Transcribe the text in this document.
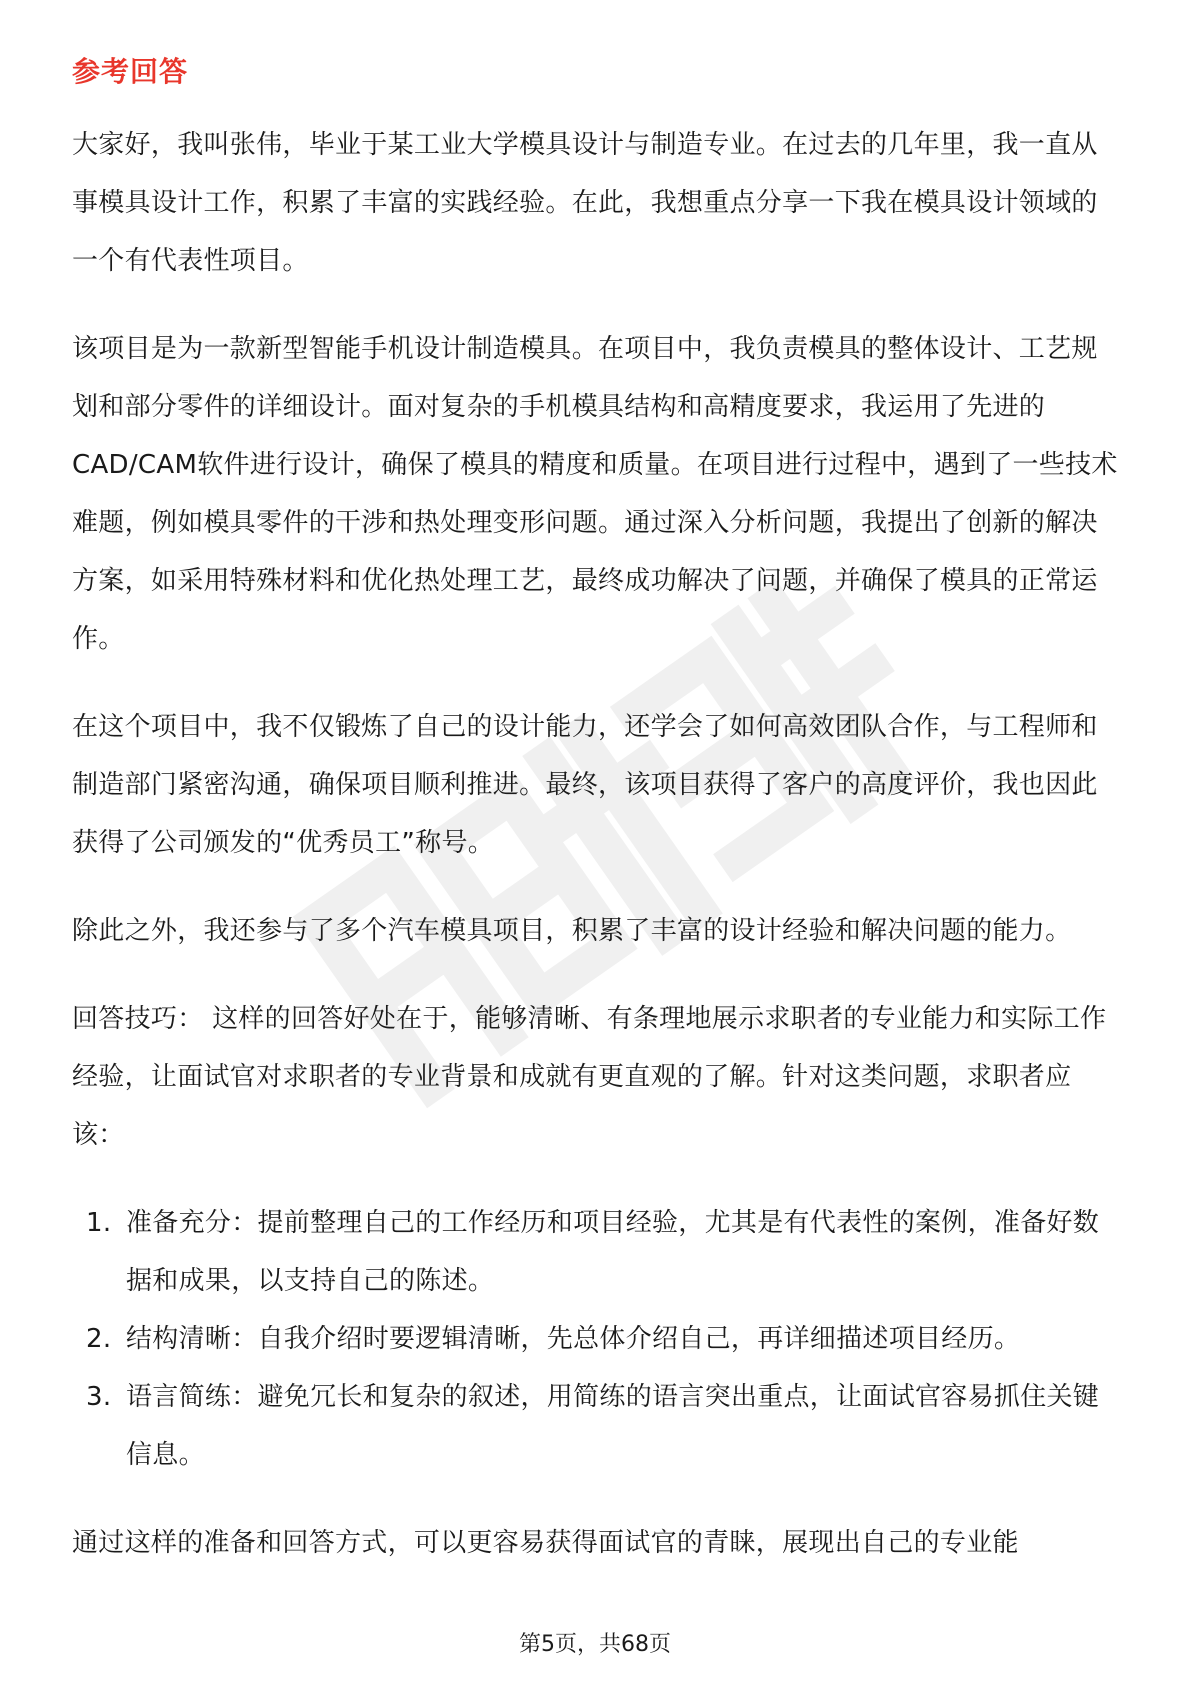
参考回答

大家好，我叫张伟，毕业于某工业大学模具设计与制造专业。在过去的几年里，我一直从事模具设计工作，积累了丰富的实践经验。在此，我想重点分享一下我在模具设计领域的一个有代表性项目。

该项目是为一款新型智能手机设计制造模具。在项目中，我负责模具的整体设计、工艺规划和部分零件的详细设计。面对复杂的手机模具结构和高精度要求，我运用了先进的CAD/CAM软件进行设计，确保了模具的精度和质量。在项目进行过程中，遇到了一些技术难题，例如模具零件的干涉和热处理变形问题。通过深入分析问题，我提出了创新的解决方案，如采用特殊材料和优化热处理工艺，最终成功解决了问题，并确保了模具的正常运作。

在这个项目中，我不仅锻炼了自己的设计能力，还学会了如何高效团队合作，与工程师和制造部门紧密沟通，确保项目顺利推进。最终，该项目获得了客户的高度评价，我也因此获得了公司颁发的“优秀员工”称号。

除此之外，我还参与了多个汽车模具项目，积累了丰富的设计经验和解决问题的能力。

回答技巧： 这样的回答好处在于，能够清晰、有条理地展示求职者的专业能力和实际工作经验，让面试官对求职者的专业背景和成就有更直观的了解。针对这类问题，求职者应该：

1. 准备充分：提前整理自己的工作经历和项目经验，尤其是有代表性的案例，准备好数据和成果，以支持自己的陈述。
2. 结构清晰：自我介绍时要逻辑清晰，先总体介绍自己，再详细描述项目经历。
3. 语言简练：避免冗长和复杂的叙述，用简练的语言突出重点，让面试官容易抓住关键信息。

通过这样的准备和回答方式，可以更容易获得面试官的青睐，展现出自己的专业能

第5页，共68页
